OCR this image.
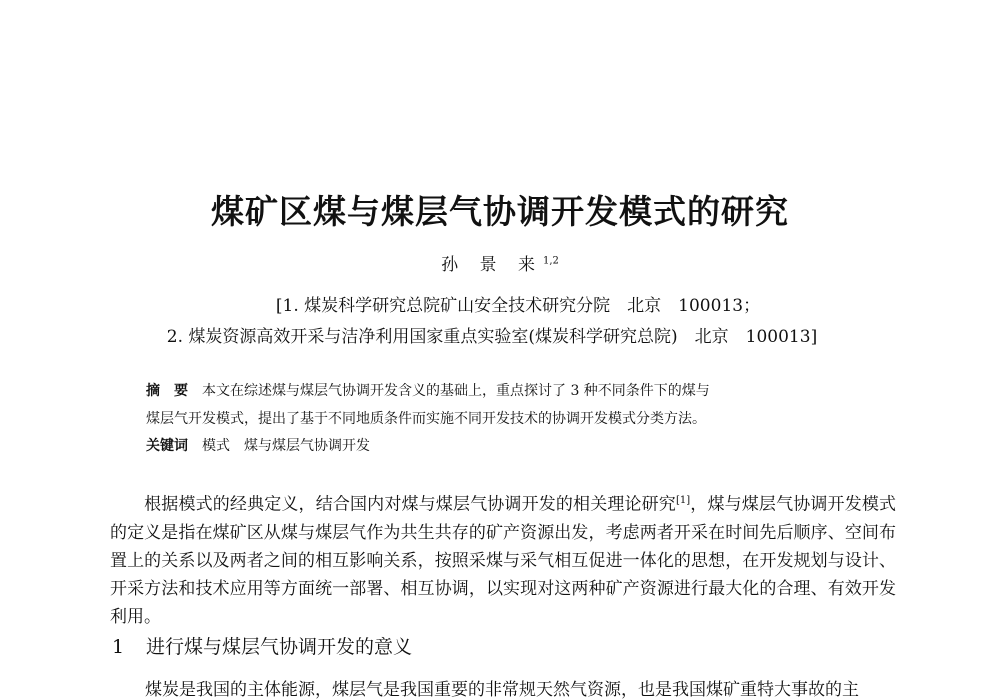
煤矿区煤与煤层气协调开发模式的研究
孙 景 来$^{1,2}$
[1. 煤炭科学研究总院矿山安全技术研究分院　北京　100013；
2. 煤炭资源高效开采与洁净利用国家重点实验室(煤炭科学研究总院)　北京　100013]
摘　要 本文在综述煤与煤层气协调开发含义的基础上，重点探讨了 3 种不同条件下的煤与
煤层气开发模式，提出了基于不同地质条件而实施不同开发技术的协调开发模式分类方法。
关键词 模式　煤与煤层气协调开发
根据模式的经典定义，结合国内对煤与煤层气协调开发的相关理论研究[1]，煤与煤层气协调开发模式的定义是指在煤矿区从煤与煤层气作为共生共存的矿产资源出发，考虑两者开采在时间先后顺序、空间布置上的关系以及两者之间的相互影响关系，按照采煤与采气相互促进一体化的思想，在开发规划与设计、开采方法和技术应用等方面统一部署、相互协调，以实现对这两种矿产资源进行最大化的合理、有效开发利用。
1 进行煤与煤层气协调开发的意义
煤炭是我国的主体能源，煤层气是我国重要的非常规天然气资源，也是我国煤矿重特大事故的主
